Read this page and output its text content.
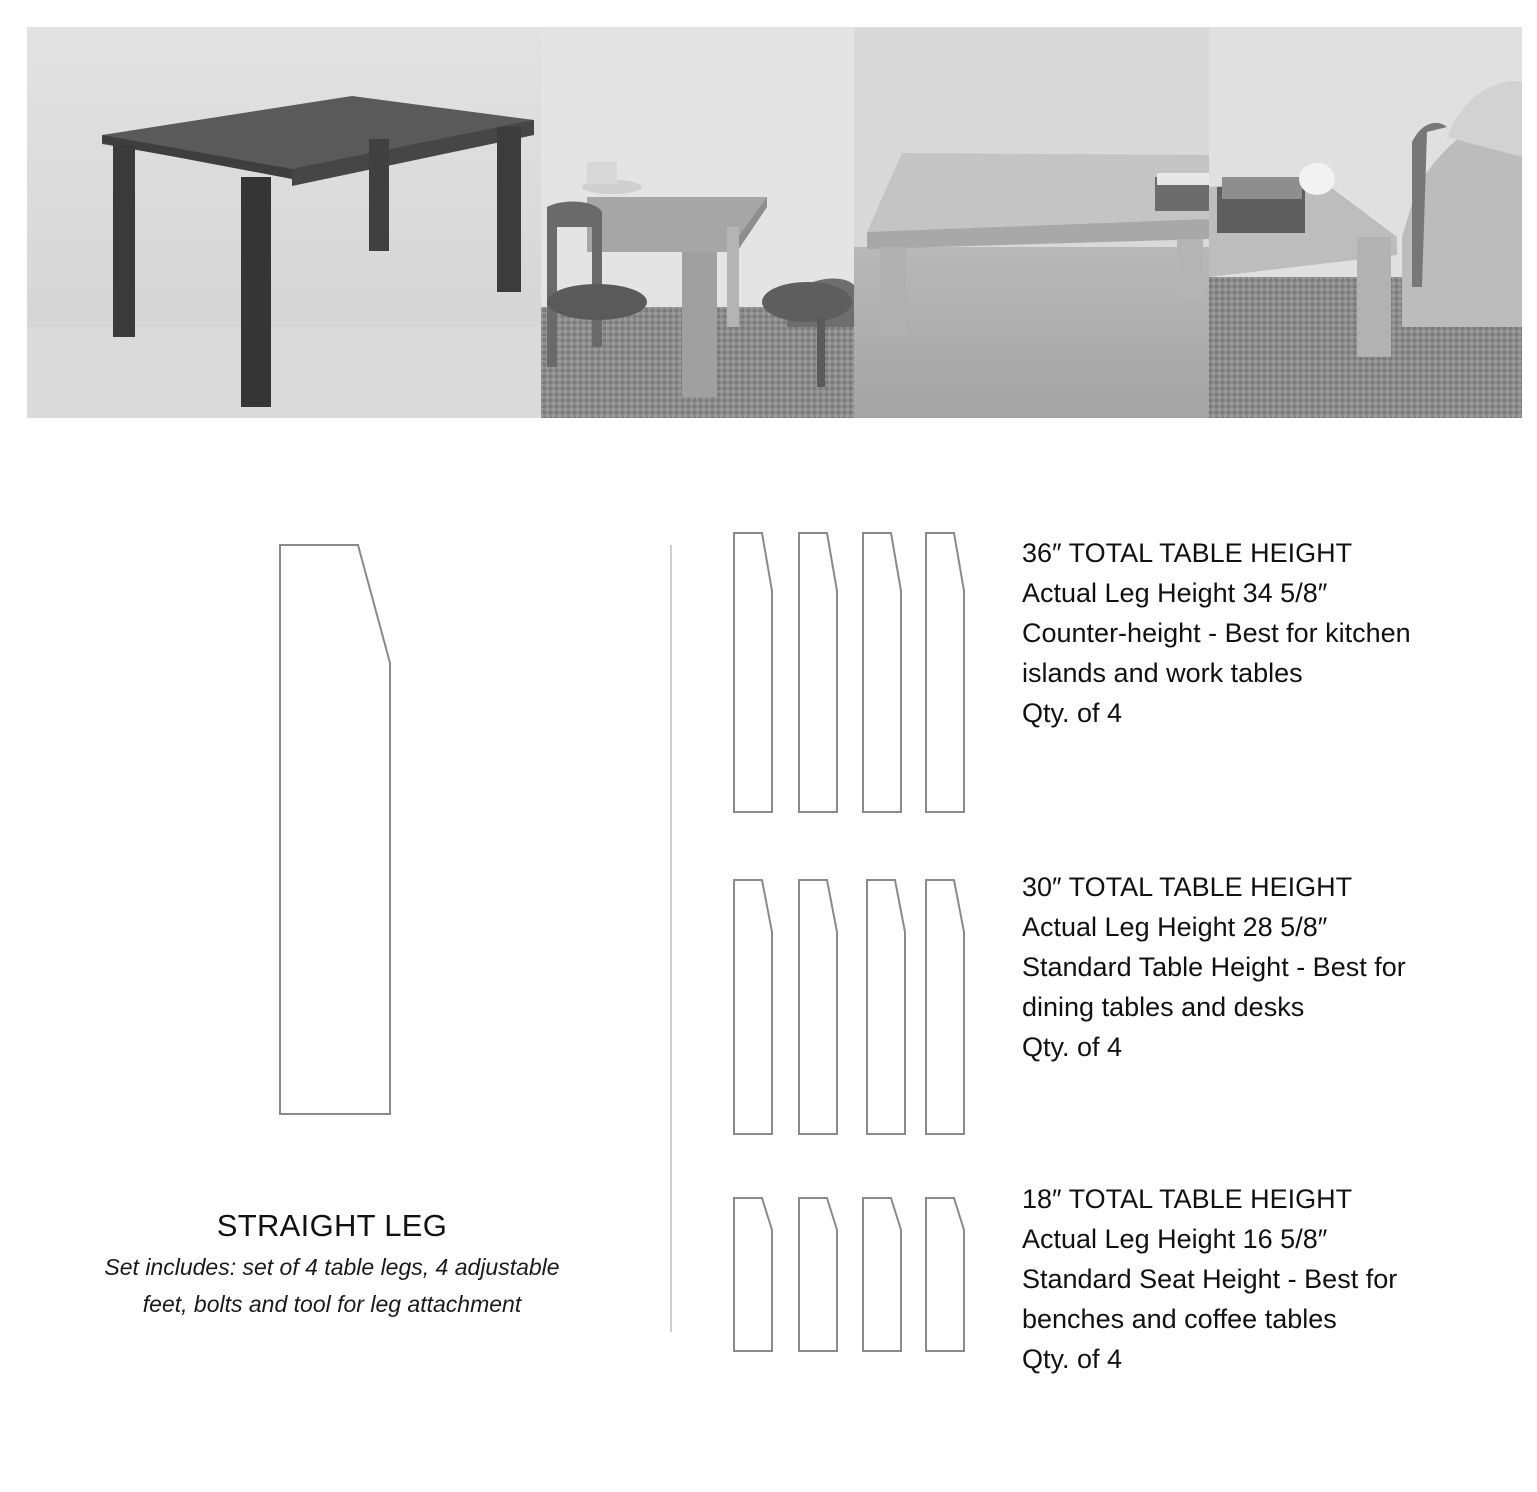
STRAIGHT LEG
Set includes: set of 4 table legs, 4 adjustable feet, bolts and tool for leg attachment
36″ TOTAL TABLE HEIGHT
Actual Leg Height 34 5/8″
Counter-height - Best for kitchen
islands and work tables
Qty. of 4
30″ TOTAL TABLE HEIGHT
Actual Leg Height 28 5/8″
Standard Table Height - Best for
dining tables and desks
Qty. of 4
18″ TOTAL TABLE HEIGHT
Actual Leg Height 16 5/8″
Standard Seat Height - Best for
benches and coffee tables
Qty. of 4
